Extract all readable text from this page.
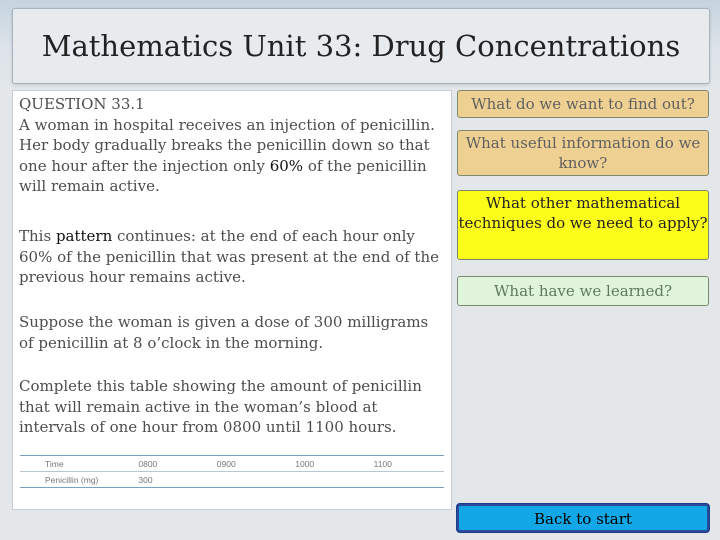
Mathematics Unit 33: Drug Concentrations

QUESTION 33.1
A woman in hospital receives an injection of penicillin. Her body gradually breaks the penicillin down so that one hour after the injection only 60% of the penicillin will remain active.

This pattern continues: at the end of each hour only 60% of the penicillin that was present at the end of the previous hour remains active.

Suppose the woman is given a dose of 300 milligrams of penicillin at 8 o’clock in the morning.

Complete this table showing the amount of penicillin that will remain active in the woman’s blood at intervals of one hour from 0800 until 1100 hours.

Time	0800	0900	1000	1100
Penicillin (mg)	300			
What do we want to find out?
What useful information do we know?
What other mathematical techniques do we need to apply?
What have we learned?
Back to start
